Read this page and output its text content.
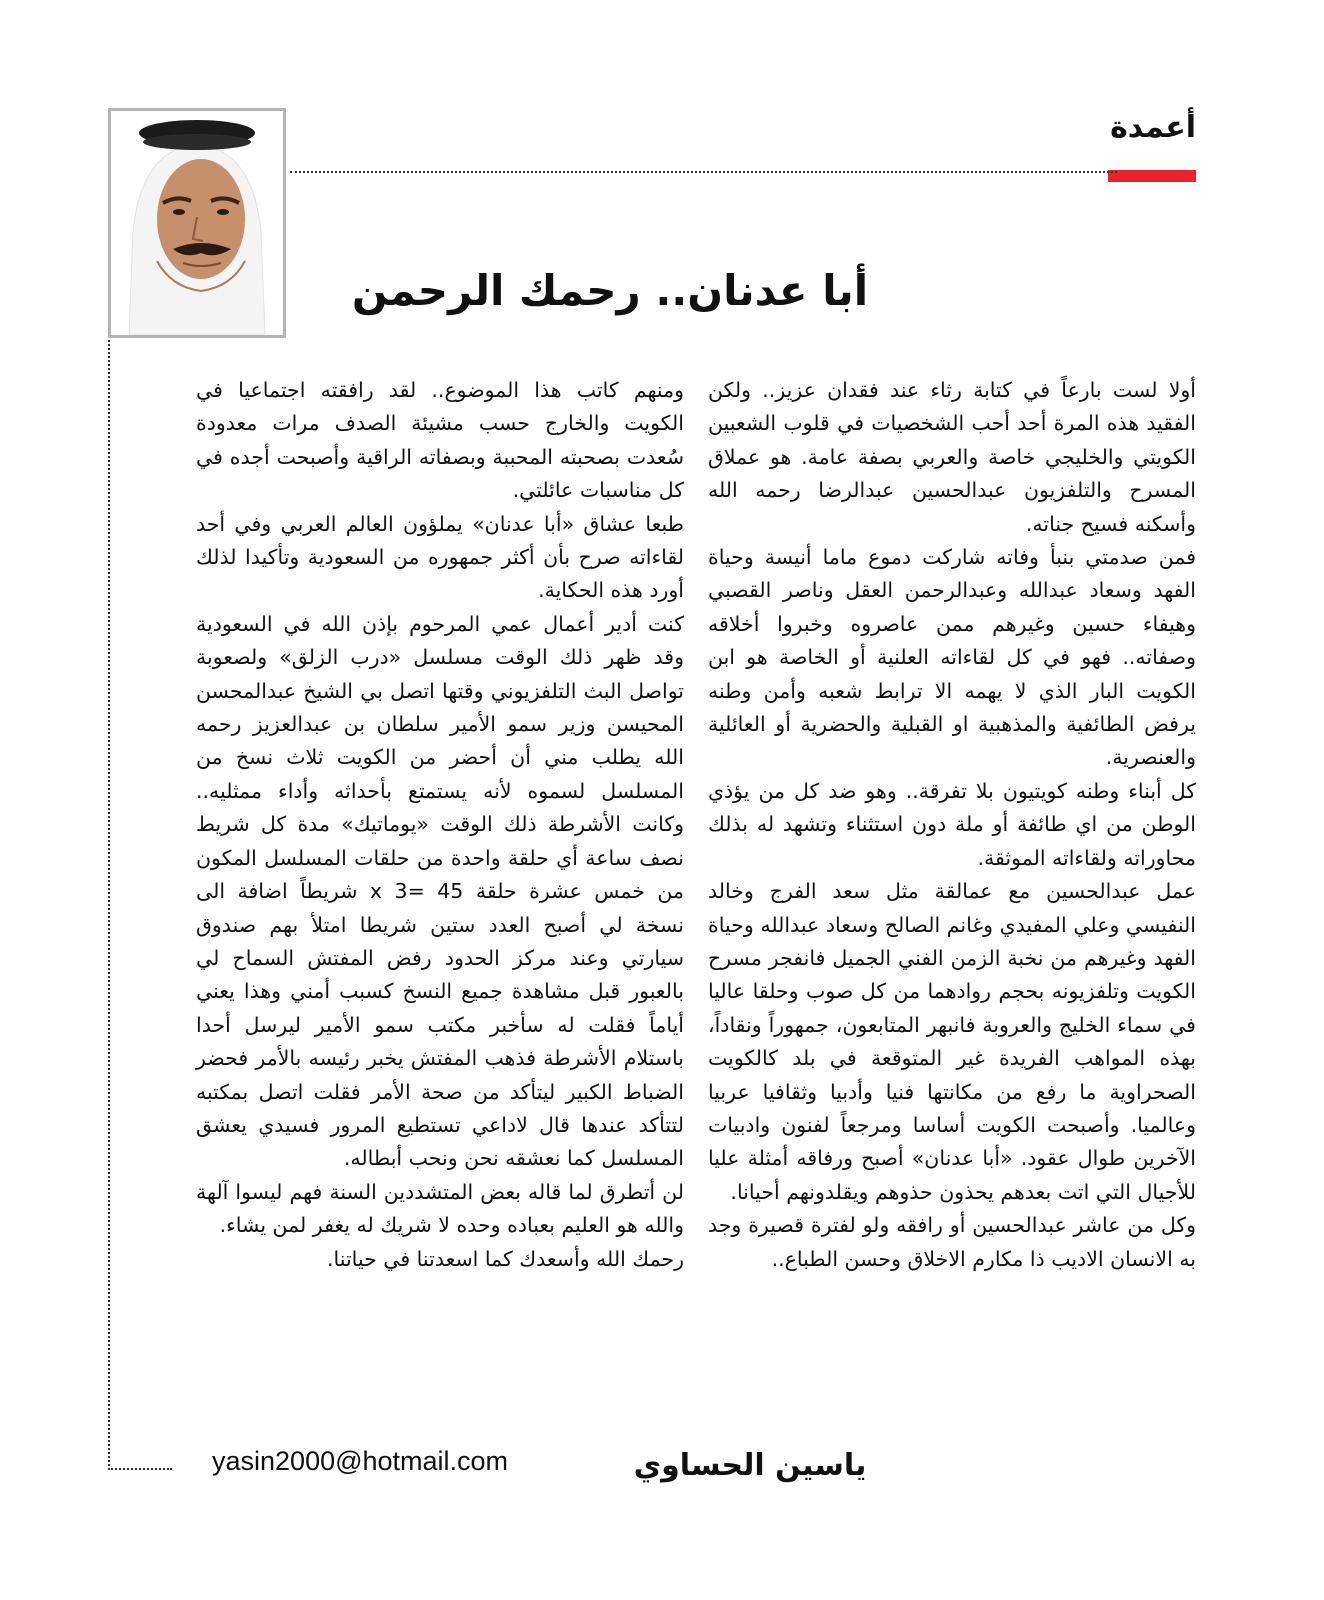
أعمدة
أبا عدنان.. رحمك الرحمن

أولا لست بارعاً في كتابة رثاء عند فقدان عزيز.. ولكن الفقيد هذه المرة أحد أحب الشخصيات في قلوب الشعبين الكويتي والخليجي خاصة والعربي بصفة عامة. هو عملاق المسرح والتلفزيون عبدالحسين عبدالرضا رحمه الله وأسكنه فسيح جناته.

فمن صدمتي بنبأ وفاته شاركت دموع ماما أنيسة وحياة الفهد وسعاد عبدالله وعبدالرحمن العقل وناصر القصبي وهيفاء حسين وغيرهم ممن عاصروه وخبروا أخلاقه وصفاته.. فهو في كل لقاءاته العلنية أو الخاصة هو ابن الكويت البار الذي لا يهمه الا ترابط شعبه وأمن وطنه يرفض الطائفية والمذهبية او القبلية والحضرية أو العائلية والعنصرية.

كل أبناء وطنه كويتيون بلا تفرقة.. وهو ضد كل من يؤذي الوطن من اي طائفة أو ملة دون استثناء وتشهد له بذلك محاوراته ولقاءاته الموثقة.

عمل عبدالحسين مع عمالقة مثل سعد الفرج وخالد النفيسي وعلي المفيدي وغانم الصالح وسعاد عبدالله وحياة الفهد وغيرهم من نخبة الزمن الفني الجميل فانفجر مسرح الكويت وتلفزيونه بحجم روادهما من كل صوب وحلقا عاليا في سماء الخليج والعروبة فانبهر المتابعون، جمهوراً ونقاداً، بهذه المواهب الفريدة غير المتوقعة في بلد كالكويت الصحراوية ما رفع من مكانتها فنيا وأدبيا وثقافيا عربيا وعالميا. وأصبحت الكويت أساسا ومرجعاً لفنون وادبيات الآخرين طوال عقود. «أبا عدنان» أصبح ورفاقه أمثلة عليا للأجيال التي اتت بعدهم يحذون حذوهم ويقلدونهم أحيانا.

وكل من عاشر عبدالحسين أو رافقه ولو لفترة قصيرة وجد به الانسان الاديب ذا مكارم الاخلاق وحسن الطباع..

ومنهم كاتب هذا الموضوع.. لقد رافقته اجتماعيا في الكويت والخارج حسب مشيئة الصدف مرات معدودة سُعدت بصحبته المحببة وبصفاته الراقية وأصبحت أجده في كل مناسبات عائلتي.

طبعا عشاق «أبا عدنان» يملؤون العالم العربي وفي أحد لقاءاته صرح بأن أكثر جمهوره من السعودية وتأكيدا لذلك أورد هذه الحكاية.

كنت أدير أعمال عمي المرحوم بإذن الله في السعودية وقد ظهر ذلك الوقت مسلسل «درب الزلق» ولصعوبة تواصل البث التلفزيوني وقتها اتصل بي الشيخ عبدالمحسن المحيسن وزير سمو الأمير سلطان بن عبدالعزيز رحمه الله يطلب مني أن أحضر من الكويت ثلاث نسخ من المسلسل لسموه لأنه يستمتع بأحداثه وأداء ممثليه.. وكانت الأشرطة ذلك الوقت «يوماتيك» مدة كل شريط نصف ساعة أي حلقة واحدة من حلقات المسلسل المكون من خمس عشرة حلقة 45 =3 x شريطاً اضافة الى نسخة لي أصبح العدد ستين شريطا امتلأ بهم صندوق سيارتي وعند مركز الحدود رفض المفتش السماح لي بالعبور قبل مشاهدة جميع النسخ كسبب أمني وهذا يعني أياماً فقلت له سأخبر مكتب سمو الأمير ليرسل أحدا باستلام الأشرطة فذهب المفتش يخبر رئيسه بالأمر فحضر الضباط الكبير ليتأكد من صحة الأمر فقلت اتصل بمكتبه لتتأكد عندها قال لاداعي تستطيع المرور فسيدي يعشق المسلسل كما نعشقه نحن ونحب أبطاله.

لن أتطرق لما قاله بعض المتشددين السنة فهم ليسوا آلهة والله هو العليم بعباده وحده لا شريك له يغفر لمن يشاء.

رحمك الله وأسعدك كما اسعدتنا في حياتنا.

ياسين الحساوي
yasin2000@hotmail.com
